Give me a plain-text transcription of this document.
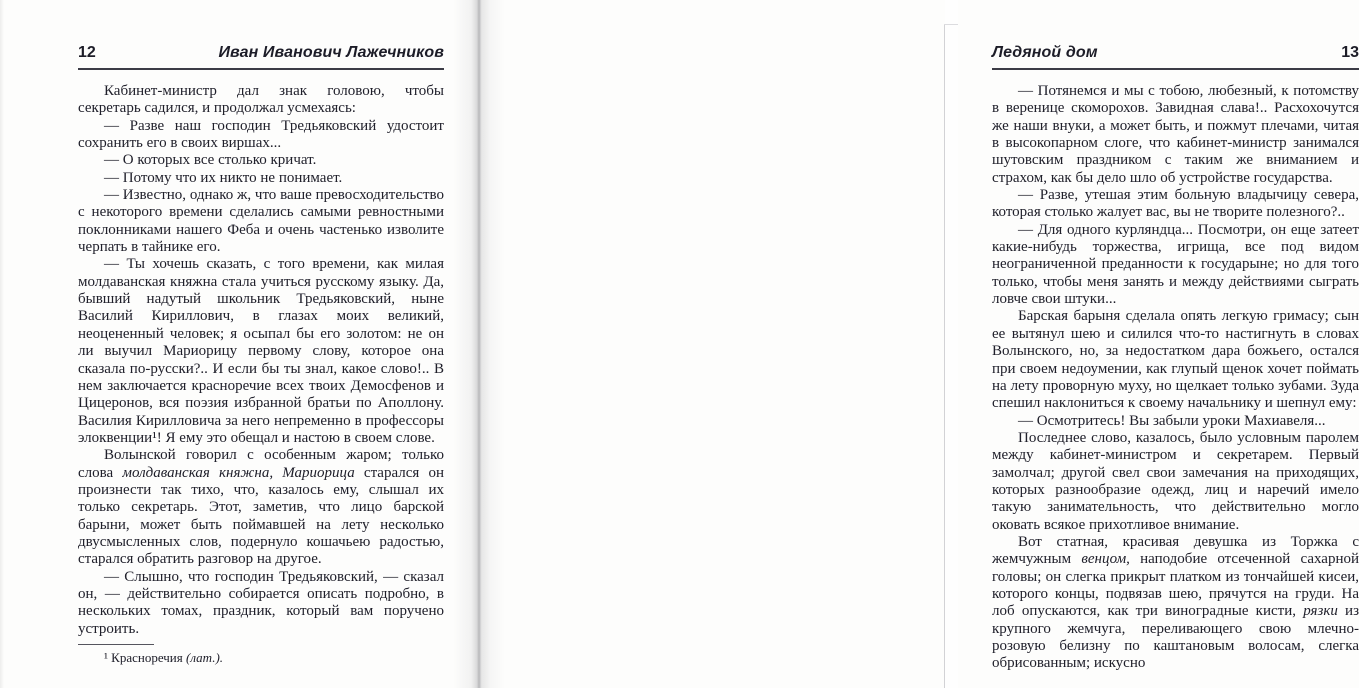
12	Иван Иванович Лажечников

Кабинет-министр дал знак головою, чтобы секретарь садился, и продолжал усмехаясь:

— Разве наш господин Тредьяковский удостоит сохранить его в своих виршах...

— О которых все столько кричат.

— Потому что их никто не понимает.

— Известно, однако ж, что ваше превосходительство с некоторого времени сделались самыми ревностными поклонниками нашего Феба и очень частенько изволите черпать в тайнике его.

— Ты хочешь сказать, с того времени, как милая молдаванская княжна стала учиться русскому языку. Да, бывший надутый школьник Тредьяковский, ныне Василий Кириллович, в глазах моих великий, неоцененный человек; я осыпал бы его золотом: не он ли выучил Мариорицу первому слову, которое она сказала по-русски?.. И если бы ты знал, какое слово!.. В нем заключается красноречие всех твоих Демосфенов и Цицеронов, вся поэзия избранной братьи по Аполлону. Василия Кирилловича за него непременно в профессоры элоквенции¹! Я ему это обещал и настою в своем слове.

Волынской говорил с особенным жаром; только слова молдаванская княжна, Мариорица старался он произнести так тихо, что, казалось ему, слышал их только секретарь. Этот, заметив, что лицо барской барыни, может быть поймавшей на лету несколько двусмысленных слов, подернуло кошачьею радостью, старался обратить разговор на другое.

— Слышно, что господин Тредьяковский, — сказал он, — действительно собирается описать подробно, в нескольких томах, праздник, который вам поручено устроить.

¹ Красноречия (лат.).

Ледяной дом	13

— Потянемся и мы с тобою, любезный, к потомству в веренице скоморохов. Завидная слава!.. Расхохочутся же наши внуки, а может быть, и пожмут плечами, читая в высокопарном слоге, что кабинет-министр занимался шутовским праздником с таким же вниманием и страхом, как бы дело шло об устройстве государства.

— Разве, утешая этим больную владычицу севера, которая столько жалует вас, вы не творите полезного?..

— Для одного курляндца... Посмотри, он еще затеет какие-нибудь торжества, игрища, все под видом неограниченной преданности к государыне; но для того только, чтобы меня занять и между действиями сыграть ловче свои штуки...

Барская барыня сделала опять легкую гримасу; сын ее вытянул шею и силился что-то настигнуть в словах Волынского, но, за недостатком дара божьего, остался при своем недоумении, как глупый щенок хочет поймать на лету проворную муху, но щелкает только зубами. Зуда спешил наклониться к своему начальнику и шепнул ему:

— Осмотритесь! Вы забыли уроки Махиавеля...

Последнее слово, казалось, было условным паролем между кабинет-министром и секретарем. Первый замолчал; другой свел свои замечания на приходящих, которых разнообразие одежд, лиц и наречий имело такую занимательность, что действительно могло оковать всякое прихотливое внимание.

Вот статная, красивая девушка из Торжка с жемчужным венцом, наподобие отсеченной сахарной головы; он слегка прикрыт платком из тончайшей кисеи, которого концы, подвязав шею, прячутся на груди. На лоб опускаются, как три виноградные кисти, рязки из крупного жемчуга, переливающего свою млечно-розовую белизну по каштановым волосам, слегка обрисованным; искусно
